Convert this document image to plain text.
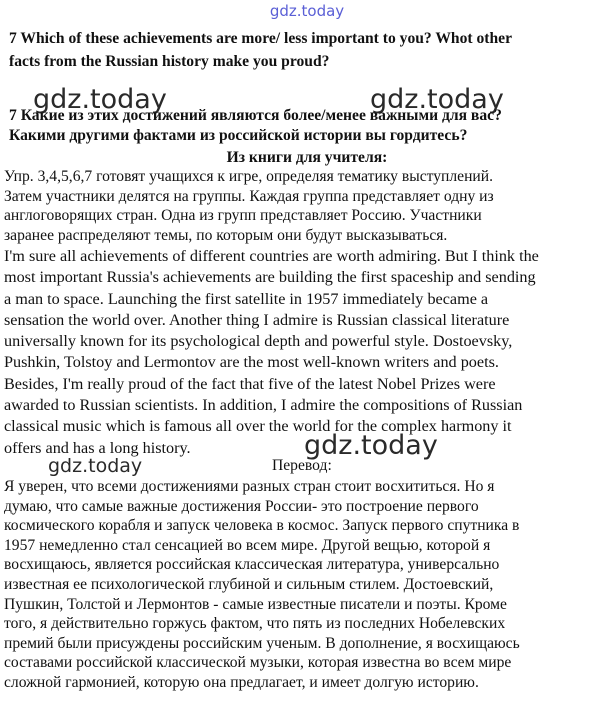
gdz.today
gdz.today	gdz.today
gdz.today
gdz.today
7 Which of these achievements are more/ less important to you? Whot other
facts from the Russian history make you proud?
7 Какие из этих достижений являются более/менее важными для вас?
Какими другими фактами из российской истории вы гордитесь?
Из книги для учителя:
Упр. 3,4,5,6,7 готовят учащихся к игре, определяя тематику выступлений.
Затем участники делятся на группы. Каждая группа представляет одну из
англоговорящих стран. Одна из групп представляет Россию. Участники
заранее распределяют темы, по которым они будут высказываться.
I'm sure all achievements of different countries are worth admiring. But I think the
most important Russia's achievements are building the first spaceship and sending
a man to space. Launching the first satellite in 1957 immediately became a
sensation the world over. Another thing I admire is Russian classical literature
universally known for its psychological depth and powerful style. Dostoevsky,
Pushkin, Tolstoy and Lermontov are the most well-known writers and poets.
Besides, I'm really proud of the fact that five of the latest Nobel Prizes were
awarded to Russian scientists. In addition, I admire the compositions of Russian
classical music which is famous all over the world for the complex harmony it
offers and has a long history.
Перевод:
Я уверен, что всеми достижениями разных стран стоит восхититься. Но я
думаю, что самые важные достижения России- это построение первого
космического корабля и запуск человека в космос. Запуск первого спутника в
1957 немедленно стал сенсацией во всем мире. Другой вещью, которой я
восхищаюсь, является российская классическая литература, универсально
известная ее психологической глубиной и сильным стилем. Достоевский,
Пушкин, Толстой и Лермонтов - самые известные писатели и поэты. Кроме
того, я действительно горжусь фактом, что пять из последних Нобелевских
премий были присуждены российским ученым. В дополнение, я восхищаюсь
составами российской классической музыки, которая известна во всем мире
сложной гармонией, которую она предлагает, и имеет долгую историю.
